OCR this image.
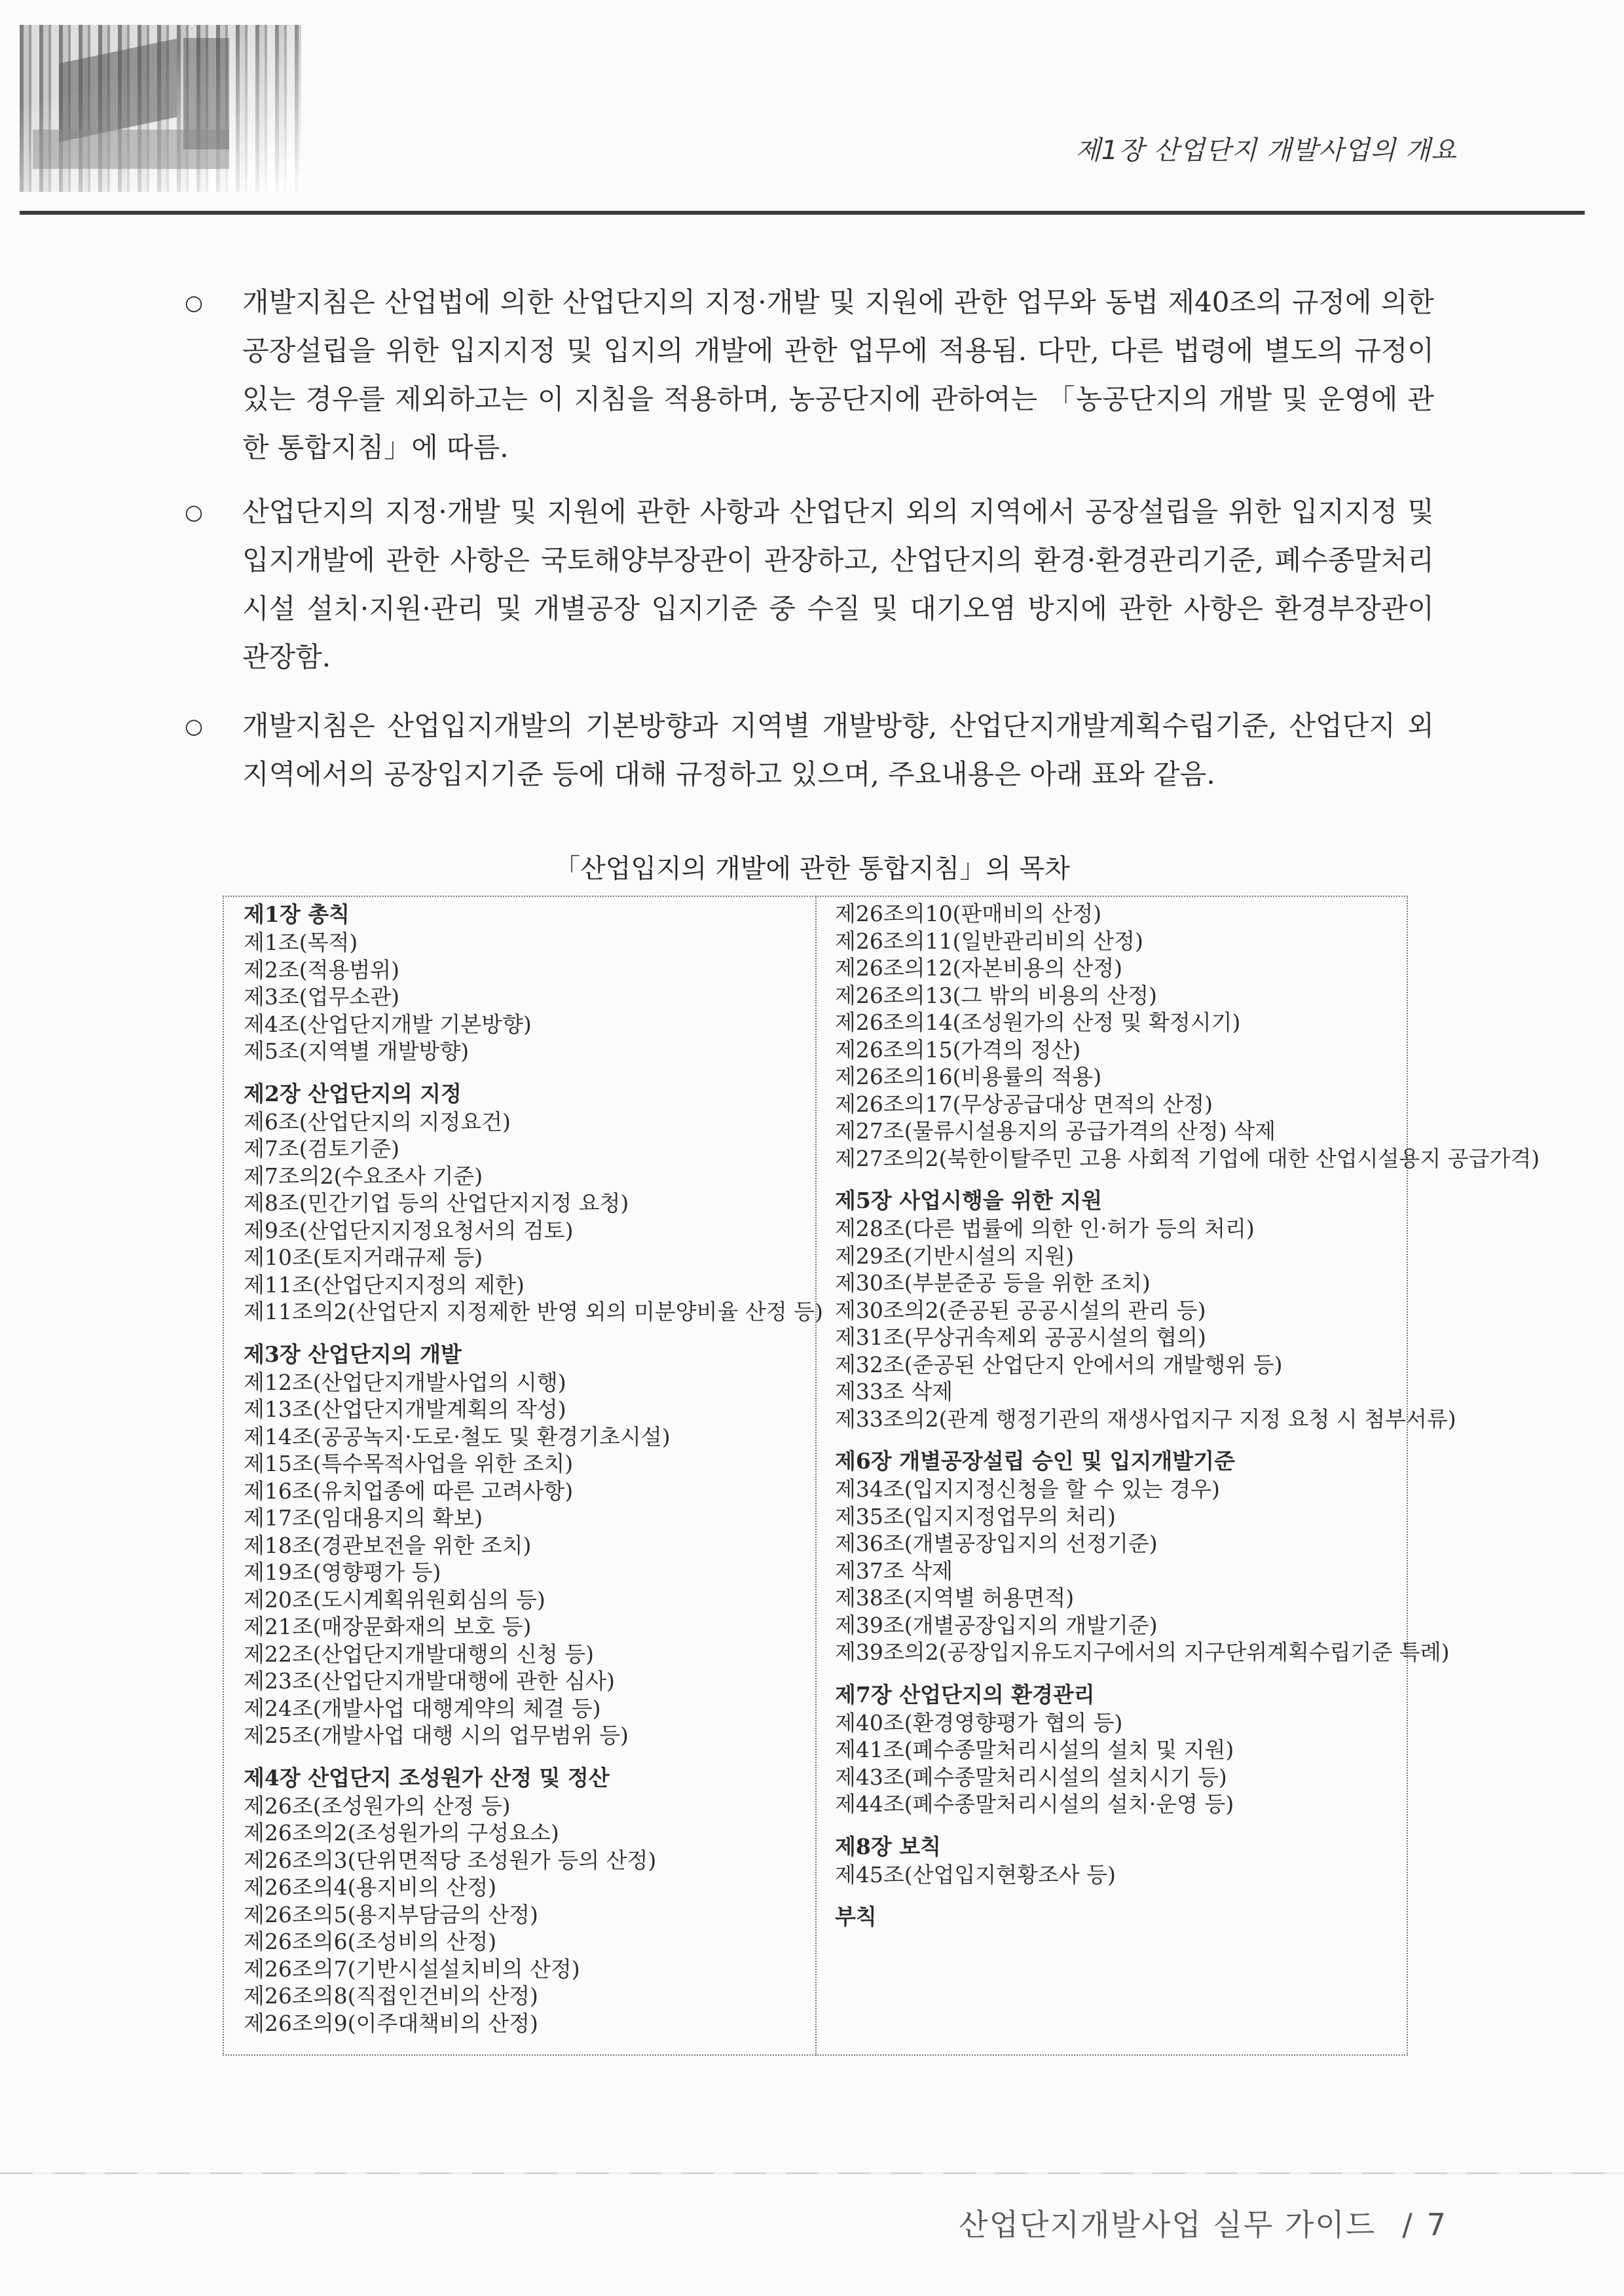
제1장 산업단지 개발사업의 개요
○	개발지침은 산업법에 의한 산업단지의 지정·개발 및 지원에 관한 업무와 동법 제40조의 규정에 의한 공장설립을 위한 입지지정 및 입지의 개발에 관한 업무에 적용됨. 다만, 다른 법령에 별도의 규정이 있는 경우를 제외하고는 이 지침을 적용하며, 농공단지에 관하여는 「농공단지의 개발 및 운영에 관한 통합지침」에 따름.
○	산업단지의 지정·개발 및 지원에 관한 사항과 산업단지 외의 지역에서 공장설립을 위한 입지지정 및 입지개발에 관한 사항은 국토해양부장관이 관장하고, 산업단지의 환경·환경관리기준, 폐수종말처리시설 설치·지원·관리 및 개별공장 입지기준 중 수질 및 대기오염 방지에 관한 사항은 환경부장관이 관장함.
○	개발지침은 산업입지개발의 기본방향과 지역별 개발방향, 산업단지개발계획수립기준, 산업단지 외 지역에서의 공장입지기준 등에 대해 규정하고 있으며, 주요내용은 아래 표와 같음.
「산업입지의 개발에 관한 통합지침」의 목차
제1장 총칙
제1조(목적)
제2조(적용범위)
제3조(업무소관)
제4조(산업단지개발 기본방향)
제5조(지역별 개발방향)
제2장 산업단지의 지정
제6조(산업단지의 지정요건)
제7조(검토기준)
제7조의2(수요조사 기준)
제8조(민간기업 등의 산업단지지정 요청)
제9조(산업단지지정요청서의 검토)
제10조(토지거래규제 등)
제11조(산업단지지정의 제한)
제11조의2(산업단지 지정제한 반영 외의 미분양비율 산정 등)
제3장 산업단지의 개발
제12조(산업단지개발사업의 시행)
제13조(산업단지개발계획의 작성)
제14조(공공녹지·도로·철도 및 환경기초시설)
제15조(특수목적사업을 위한 조치)
제16조(유치업종에 따른 고려사항)
제17조(임대용지의 확보)
제18조(경관보전을 위한 조치)
제19조(영향평가 등)
제20조(도시계획위원회심의 등)
제21조(매장문화재의 보호 등)
제22조(산업단지개발대행의 신청 등)
제23조(산업단지개발대행에 관한 심사)
제24조(개발사업 대행계약의 체결 등)
제25조(개발사업 대행 시의 업무범위 등)
제4장 산업단지 조성원가 산정 및 정산
제26조(조성원가의 산정 등)
제26조의2(조성원가의 구성요소)
제26조의3(단위면적당 조성원가 등의 산정)
제26조의4(용지비의 산정)
제26조의5(용지부담금의 산정)
제26조의6(조성비의 산정)
제26조의7(기반시설설치비의 산정)
제26조의8(직접인건비의 산정)
제26조의9(이주대책비의 산정)
제26조의10(판매비의 산정)
제26조의11(일반관리비의 산정)
제26조의12(자본비용의 산정)
제26조의13(그 밖의 비용의 산정)
제26조의14(조성원가의 산정 및 확정시기)
제26조의15(가격의 정산)
제26조의16(비용률의 적용)
제26조의17(무상공급대상 면적의 산정)
제27조(물류시설용지의 공급가격의 산정) 삭제
제27조의2(북한이탈주민 고용 사회적 기업에 대한 산업시설용지 공급가격)
제5장 사업시행을 위한 지원
제28조(다른 법률에 의한 인·허가 등의 처리)
제29조(기반시설의 지원)
제30조(부분준공 등을 위한 조치)
제30조의2(준공된 공공시설의 관리 등)
제31조(무상귀속제외 공공시설의 협의)
제32조(준공된 산업단지 안에서의 개발행위 등)
제33조 삭제
제33조의2(관계 행정기관의 재생사업지구 지정 요청 시 첨부서류)
제6장 개별공장설립 승인 및 입지개발기준
제34조(입지지정신청을 할 수 있는 경우)
제35조(입지지정업무의 처리)
제36조(개별공장입지의 선정기준)
제37조 삭제
제38조(지역별 허용면적)
제39조(개별공장입지의 개발기준)
제39조의2(공장입지유도지구에서의 지구단위계획수립기준 특례)
제7장 산업단지의 환경관리
제40조(환경영향평가 협의 등)
제41조(폐수종말처리시설의 설치 및 지원)
제43조(폐수종말처리시설의 설치시기 등)
제44조(폐수종말처리시설의 설치·운영 등)
제8장 보칙
제45조(산업입지현황조사 등)
부칙
산업단지개발사업 실무 가이드 / 7
